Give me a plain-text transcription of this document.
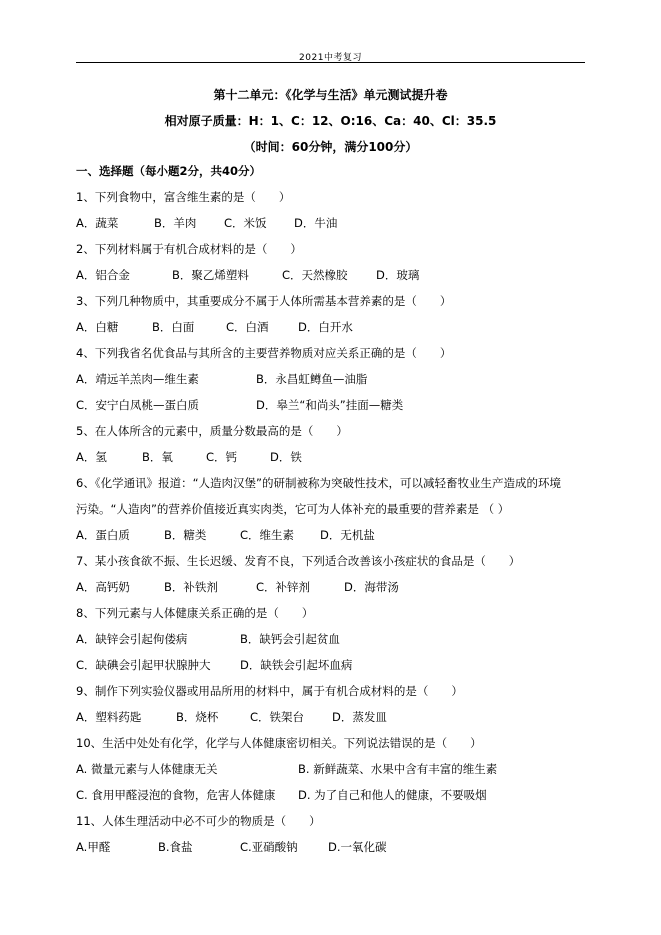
2021中考复习
第十二单元：《化学与生活》单元测试提升卷
相对原子质量：H：1、C：12、O:16、Ca：40、Cl：35.5
（时间：60分钟，满分100分）
一、选择题（每小题2分，共40分）
1、下列食物中，富含维生素的是（　　）
A．蔬菜	B．羊肉 C．米饭 D．牛油
2、下列材料属于有机合成材料的是（　　）
A．铝合金	B．聚乙烯塑料	C．天然橡胶 D．玻璃
3、下列几种物质中，其重要成分不属于人体所需基本营养素的是（　　）
A．白糖	B．白面	C．白酒	D．白开水
4、下列我省名优食品与其所含的主要营养物质对应关系正确的是（　　）
A．靖远羊羔肉—维生素	B．永昌虹鳟鱼—油脂
C．安宁白凤桃—蛋白质	D．皋兰“和尚头”挂面—糖类
5、在人体所含的元素中，质量分数最高的是（　　）
A．氢	B．氧	C．钙	D．铁
6、《化学通讯》报道：“人造肉汉堡”的研制被称为突破性技术，可以减轻畜牧业生产造成的环境
污染。“人造肉”的营养价值接近真实肉类，它可为人体补充的最重要的营养素是 （ ）
A．蛋白质	B．糖类	C．维生素 D．无机盐
7、某小孩食欲不振、生长迟缓、发育不良，下列适合改善该小孩症状的食品是（　　）
A．高钙奶	B．补铁剂	C．补锌剂	D．海带汤
8、下列元素与人体健康关系正确的是（　　）
A．缺锌会引起佝偻病	B．缺钙会引起贫血
C．缺碘会引起甲状腺肿大	D．缺铁会引起坏血病
9、制作下列实验仪器或用品所用的材料中，属于有机合成材料的是（　　）
A．塑料药匙	B．烧杯	C．铁架台 D．蒸发皿
10、生活中处处有化学，化学与人体健康密切相关。下列说法错误的是（　　）
A. 微量元素与人体健康无关	B. 新鲜蔬菜、水果中含有丰富的维生素
C. 食用甲醛浸泡的食物，危害人体健康 D. 为了自己和他人的健康，不要吸烟
11、人体生理活动中必不可少的物质是（　　）
A.甲醛	B.食盐	C.亚硝酸钠	D.一氧化碳
